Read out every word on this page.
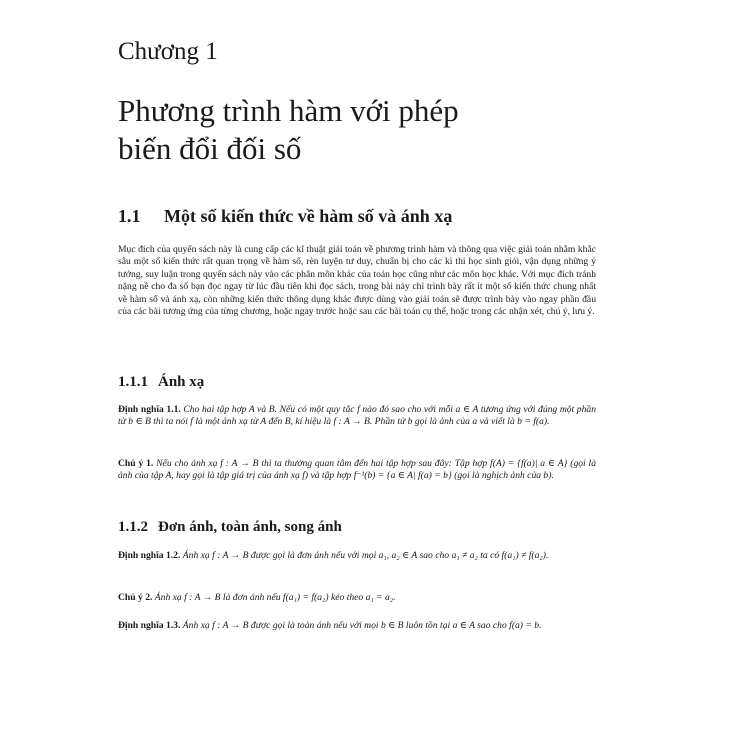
Chương 1
Phương trình hàm với phép
biến đổi đối số
1.1 Một số kiến thức về hàm số và ánh xạ
Mục đích của quyển sách này là cung cấp các kĩ thuật giải toán về phương trình hàm và thông qua việc giải toán nhằm khắc sâu một số kiến thức rất quan trọng về hàm số, rèn luyện tư duy, chuẩn bị cho các kì thi học sinh giỏi, vận dụng những ý tưởng, suy luận trong quyển sách này vào các phân môn khác của toán học cũng như các môn học khác. Với mục đích tránh nặng nề cho đa số bạn đọc ngay từ lúc đầu tiên khi đọc sách, trong bài này chỉ trình bày rất ít một số kiến thức chung nhất về hàm số và ánh xạ, còn những kiến thức thông dụng khác được dùng vào giải toán sẽ được trình bày vào ngay phần đầu của các bài tương ứng của từng chương, hoặc ngay trước hoặc sau các bài toán cụ thể, hoặc trong các nhận xét, chú ý, lưu ý.
1.1.1 Ánh xạ
Định nghĩa 1.1. Cho hai tập hợp A và B. Nếu có một quy tắc f nào đó sao cho với mỗi a ∈ A tương ứng với đúng một phần tử b ∈ B thì ta nói f là một ánh xạ từ A đến B, kí hiệu là f : A → B. Phần tử b gọi là ảnh của a và viết là b = f(a).
Chú ý 1. Nếu cho ánh xạ f : A → B thì ta thường quan tâm đến hai tập hợp sau đây: Tập hợp f(A) = {f(a)| a ∈ A} (gọi là ảnh của tập A, hay gọi là tập giá trị của ánh xạ f) và tập hợp f⁻¹(b) = {a ∈ A| f(a) = b} (gọi là nghịch ảnh của b).
1.1.2 Đơn ánh, toàn ánh, song ánh
Định nghĩa 1.2. Ánh xạ f : A → B được gọi là đơn ánh nếu với mọi a₁, a₂ ∈ A sao cho a₁ ≠ a₂ ta có f(a₁) ≠ f(a₂).
Chú ý 2. Ánh xạ f : A → B là đơn ánh nếu f(a₁) = f(a₂) kéo theo a₁ = a₂.
Định nghĩa 1.3. Ánh xạ f : A → B được gọi là toàn ánh nếu với mọi b ∈ B luôn tồn tại a ∈ A sao cho f(a) = b.
